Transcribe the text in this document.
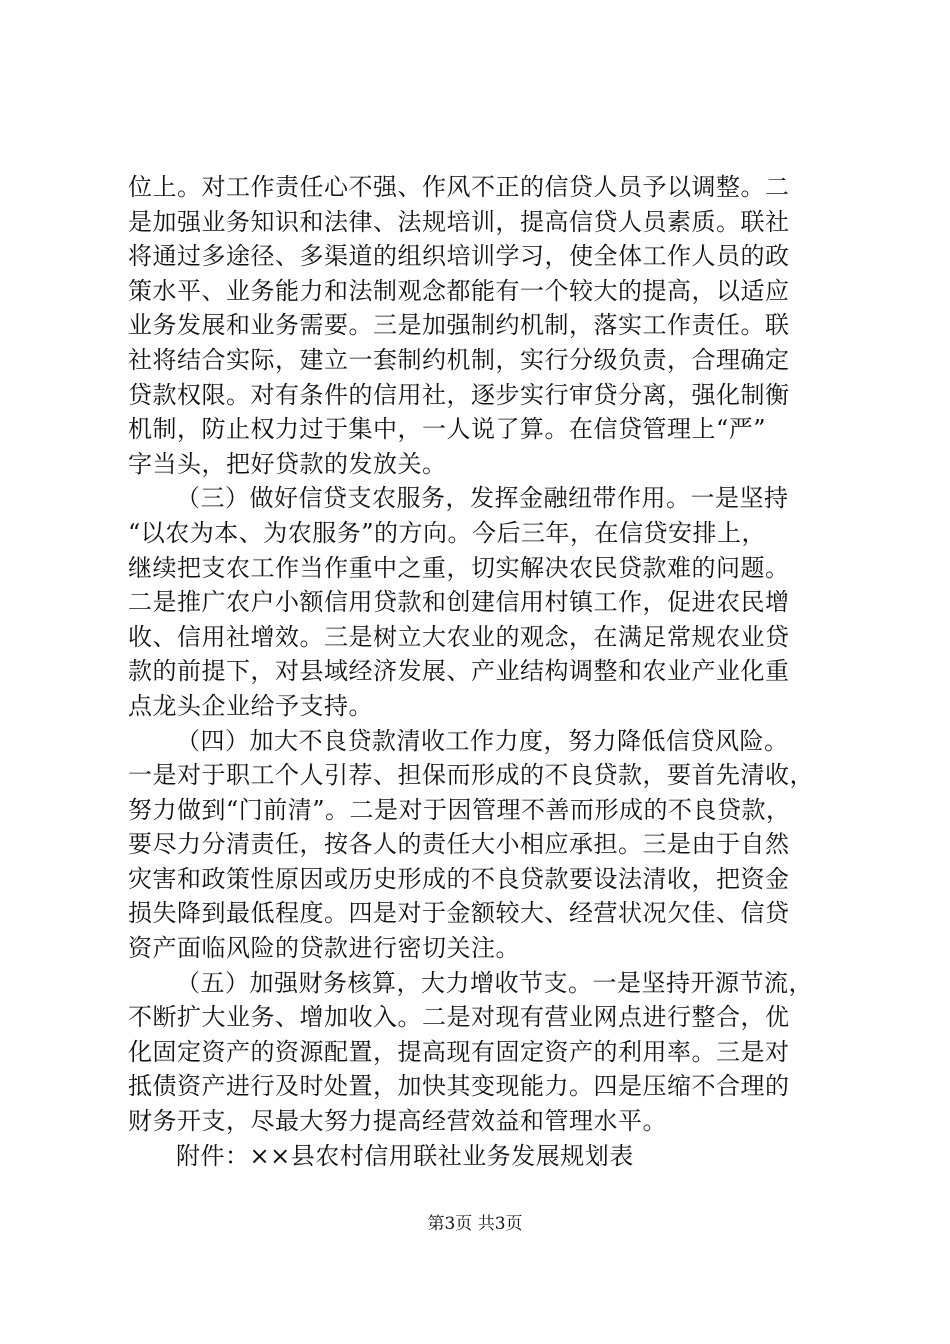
位上。对工作责任心不强、作风不正的信贷人员予以调整。二
是加强业务知识和法律、法规培训，提高信贷人员素质。联社
将通过多途径、多渠道的组织培训学习，使全体工作人员的政
策水平、业务能力和法制观念都能有一个较大的提高，以适应
业务发展和业务需要。三是加强制约机制，落实工作责任。联
社将结合实际，建立一套制约机制，实行分级负责，合理确定
贷款权限。对有条件的信用社，逐步实行审贷分离，强化制衡
机制，防止权力过于集中，一人说了算。在信贷管理上“严”
字当头，把好贷款的发放关。
（三）做好信贷支农服务，发挥金融纽带作用。一是坚持
“以农为本、为农服务”的方向。今后三年，在信贷安排上，
继续把支农工作当作重中之重，切实解决农民贷款难的问题。
二是推广农户小额信用贷款和创建信用村镇工作，促进农民增
收、信用社增效。三是树立大农业的观念，在满足常规农业贷
款的前提下，对县域经济发展、产业结构调整和农业产业化重
点龙头企业给予支持。
（四）加大不良贷款清收工作力度，努力降低信贷风险。
一是对于职工个人引荐、担保而形成的不良贷款，要首先清收，
努力做到“门前清”。二是对于因管理不善而形成的不良贷款，
要尽力分清责任，按各人的责任大小相应承担。三是由于自然
灾害和政策性原因或历史形成的不良贷款要设法清收，把资金
损失降到最低程度。四是对于金额较大、经营状况欠佳、信贷
资产面临风险的贷款进行密切关注。
（五）加强财务核算，大力增收节支。一是坚持开源节流，
不断扩大业务、增加收入。二是对现有营业网点进行整合，优
化固定资产的资源配置，提高现有固定资产的利用率。三是对
抵债资产进行及时处置，加快其变现能力。四是压缩不合理的
财务开支，尽最大努力提高经营效益和管理水平。
附件：××县农村信用联社业务发展规划表
第3页 共3页
